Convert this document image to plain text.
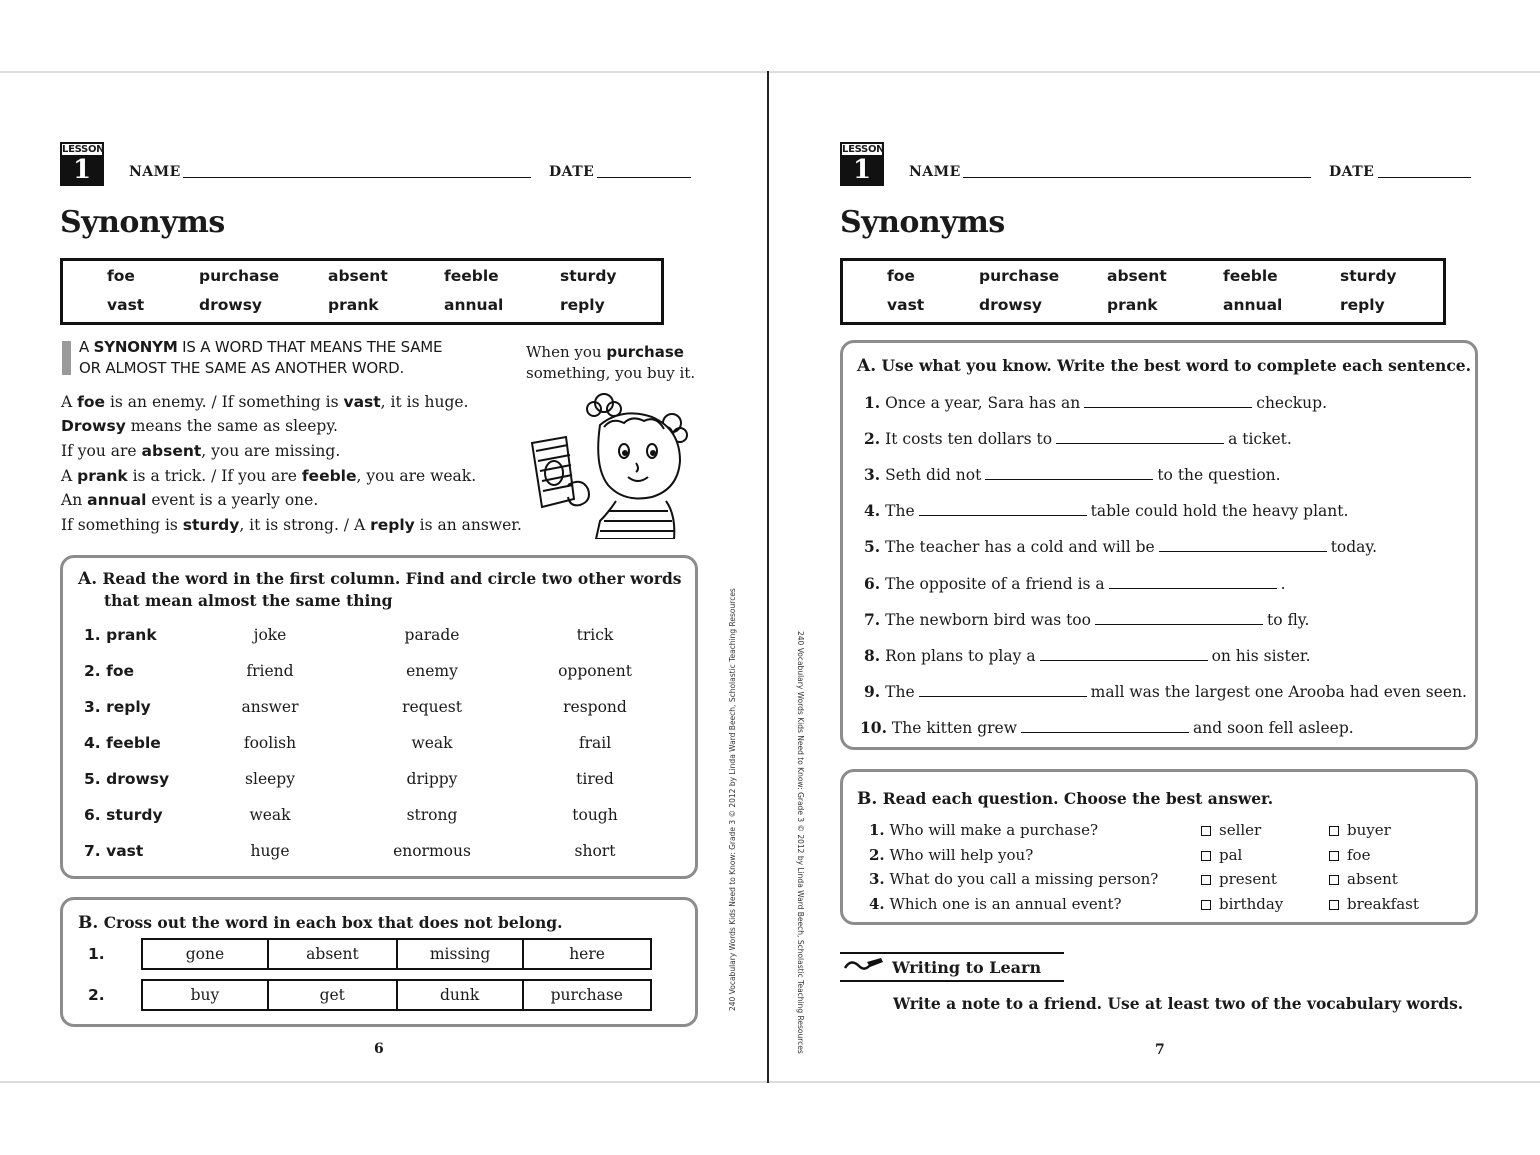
LESSON
1	NAME	DATE
Synonyms
foe	purchase	absent	feeble	sturdy
vast	drowsy	prank	annual	reply
A SYNONYM IS A WORD THAT MEANS THE SAME
OR ALMOST THE SAME AS ANOTHER WORD.
When you purchase
something, you buy it.
A foe is an enemy. / If something is vast, it is huge.
Drowsy means the same as sleepy.
If you are absent, you are missing.
A prank is a trick. / If you are feeble, you are weak.
An annual event is a yearly one.
If something is sturdy, it is strong. / A reply is an answer.
A. Read the word in the first column. Find and circle two other words
that mean almost the same thing
1. prank	joke	parade	trick
2. foe	friend	enemy	opponent
3. reply	answer	request	respond
4. feeble	foolish	weak	frail
5. drowsy	sleepy	drippy	tired
6. sturdy	weak	strong	tough
7. vast	huge	enormous	short
B. Cross out the word in each box that does not belong.
1.	gone	absent	missing	here
2.	buy	get	dunk	purchase
6
240 Vocabulary Words Kids Need to Know: Grade 3 © 2012 by Linda Ward Beech, Scholastic Teaching Resources
LESSON
1	NAME	DATE
Synonyms
foe	purchase	absent	feeble	sturdy
vast	drowsy	prank	annual	reply
A. Use what you know. Write the best word to complete each sentence.
1. Once a year, Sara has an	checkup.
2. It costs ten dollars to	a ticket.
3. Seth did not	to the question.
4. The	table could hold the heavy plant.
5. The teacher has a cold and will be	today.
6. The opposite of a friend is a	.
7. The newborn bird was too	to fly.
8. Ron plans to play a	on his sister.
9. The	mall was the largest one Arooba had even seen.
10. The kitten grew	and soon fell asleep.
B. Read each question. Choose the best answer.
1. Who will make a purchase?	seller	buyer
2. Who will help you?	pal	foe
3. What do you call a missing person?	present	absent
4. Which one is an annual event?	birthday	breakfast
Writing to Learn
Write a note to a friend. Use at least two of the vocabulary words.
7
240 Vocabulary Words Kids Need to Know: Grade 3 © 2012 by Linda Ward Beech, Scholastic Teaching Resources
